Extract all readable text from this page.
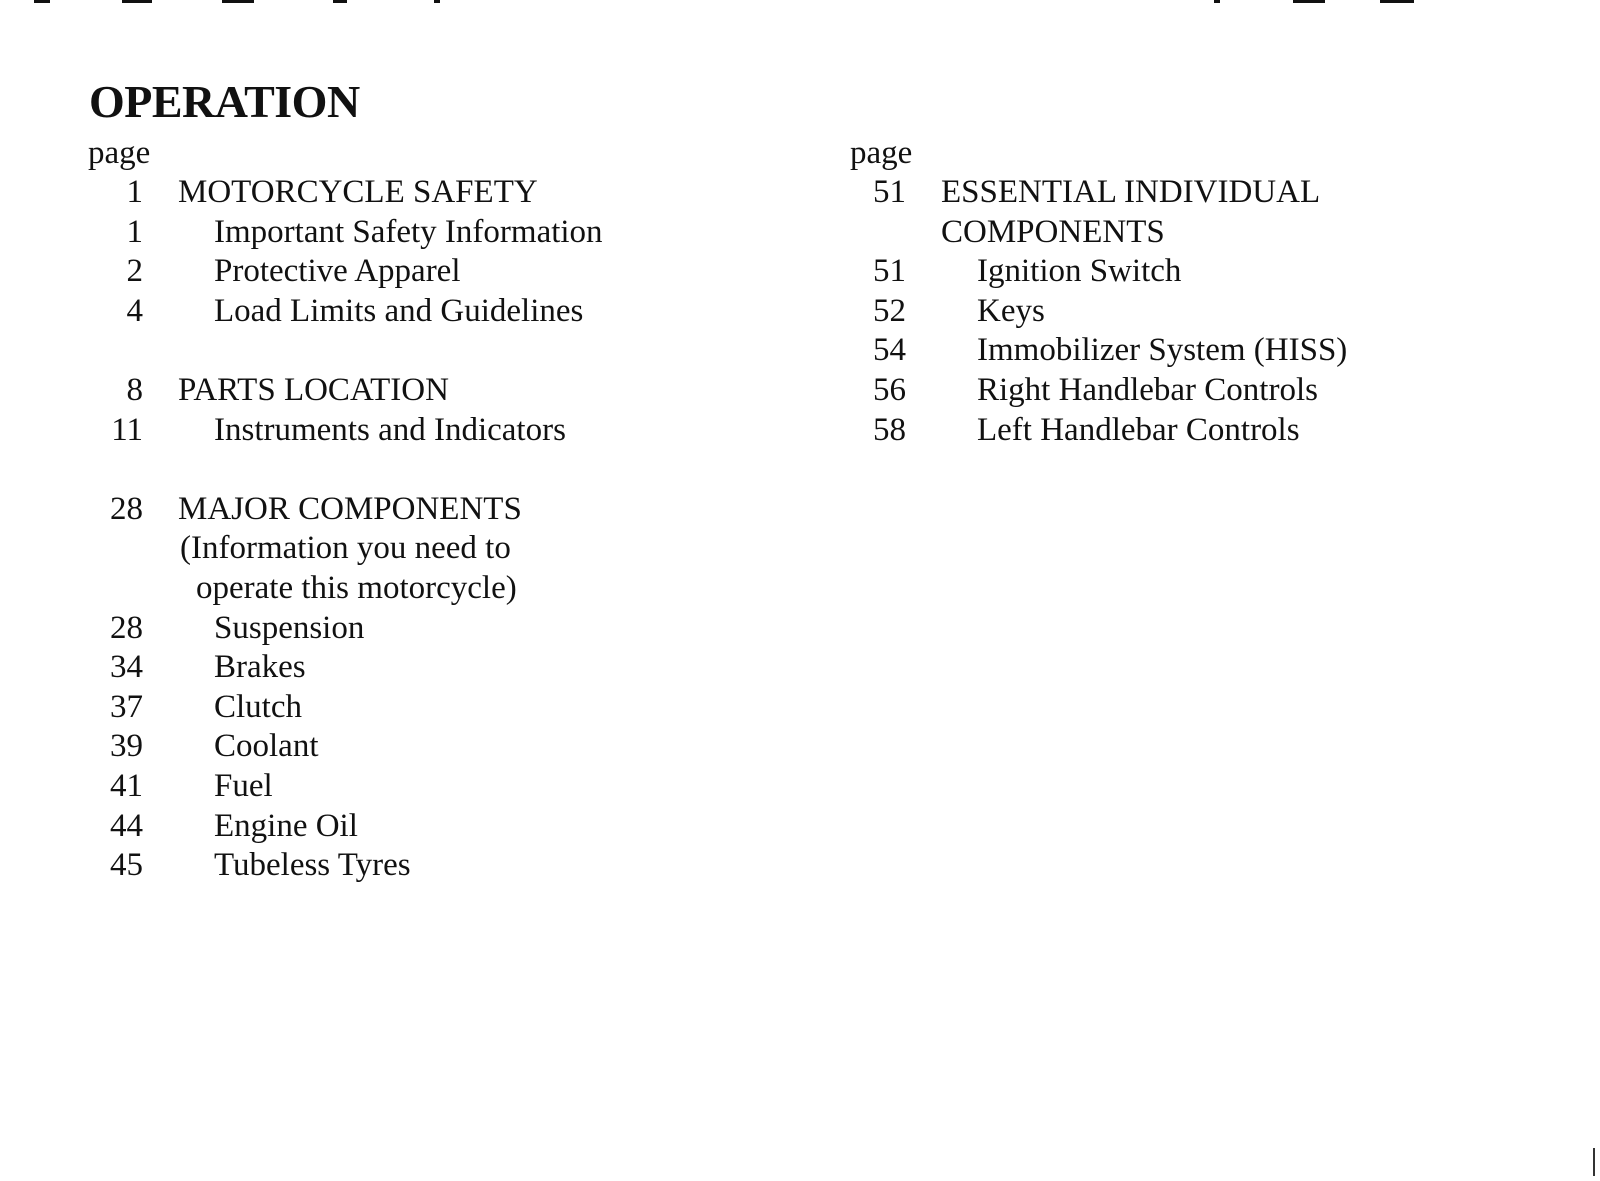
OPERATION
page
1 MOTORCYCLE SAFETY
1 Important Safety Information
2 Protective Apparel
4 Load Limits and Guidelines
8 PARTS LOCATION
11 Instruments and Indicators
28 MAJOR COMPONENTS
(Information you need to
operate this motorcycle)
28 Suspension
34 Brakes
37 Clutch
39 Coolant
41 Fuel
44 Engine Oil
45 Tubeless Tyres
page
51 ESSENTIAL INDIVIDUAL
COMPONENTS
51 Ignition Switch
52 Keys
54 Immobilizer System (HISS)
56 Right Handlebar Controls
58 Left Handlebar Controls
